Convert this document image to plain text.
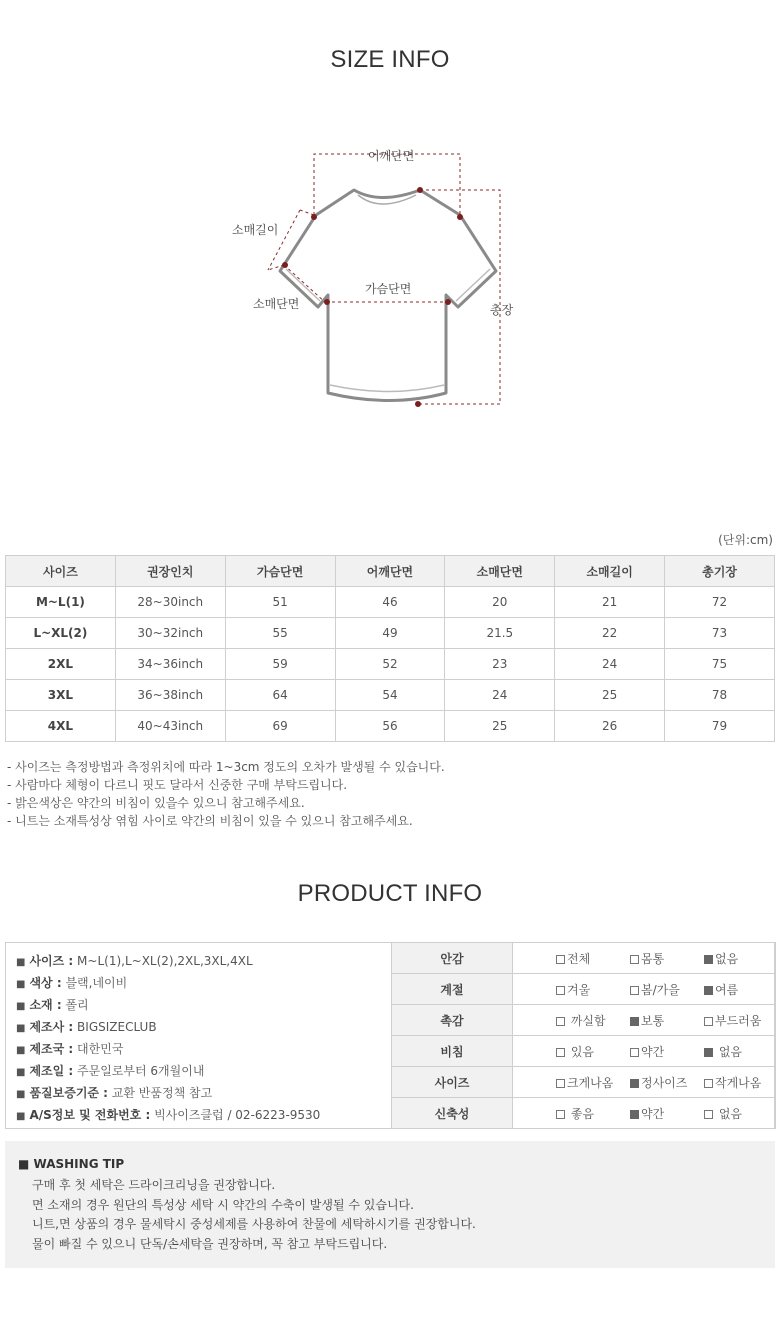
SIZE INFO
어깨단면
소매길이
소매단면
가슴단면
총장
(단위:cm)
사이즈	권장인치	가슴단면	어깨단면	소매단면	소매길이	총기장
M~L(1)	28~30inch	51	46	20	21	72
L~XL(2)	30~32inch	55	49	21.5	22	73
2XL	34~36inch	59	52	23	24	75
3XL	36~38inch	64	54	24	25	78
4XL	40~43inch	69	56	25	26	79
- 사이즈는 측정방법과 측정위치에 따라 1~3cm 정도의 오차가 발생될 수 있습니다.
- 사람마다 체형이 다르니 핏도 달라서 신중한 구매 부탁드립니다.
- 밝은색상은 약간의 비침이 있을수 있으니 참고해주세요.
- 니트는 소재특성상 엮힘 사이로 약간의 비침이 있을 수 있으니 참고해주세요.
PRODUCT INFO
■ 사이즈 : M~L(1),L~XL(2),2XL,3XL,4XL
■ 색상 : 블랙,네이비
■ 소재 : 폴리
■ 제조사 : BIGSIZECLUB
■ 제조국 : 대한민국
■ 제조일 : 주문일로부터 6개월이내
■ 품질보증기준 : 교환 반품정책 참고
■ A/S정보 및 전화번호 : 빅사이즈클럽 / 02-6223-9530
안감	전체 몸통 없음
계절	겨울 봄/가을 여름
촉감	까실함 보통 부드러움
비침	있음 약간 없음
사이즈	크게나옴 정사이즈 작게나옴
신축성	좋음 약간 없음
■ WASHING TIP
구매 후 첫 세탁은 드라이크리닝을 권장합니다.
면 소재의 경우 원단의 특성상 세탁 시 약간의 수축이 발생될 수 있습니다.
니트,면 상품의 경우 물세탁시 중성세제를 사용하여 찬물에 세탁하시기를 권장합니다.
물이 빠질 수 있으니 단독/손세탁을 권장하며, 꼭 참고 부탁드립니다.
